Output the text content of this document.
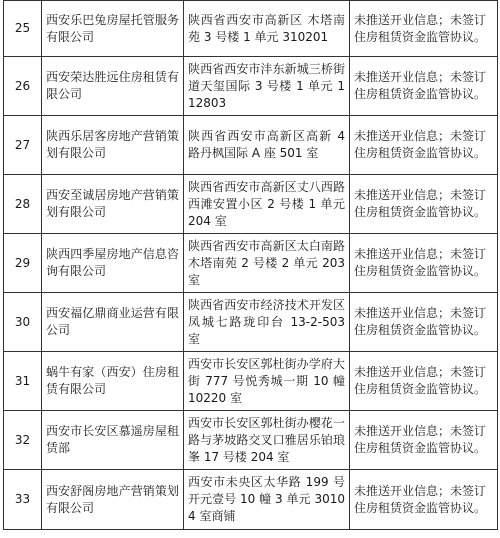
25	西安乐巴兔房屋托管服务有限公司	陕西省西安市高新区 木塔南苑 3 号楼 1 单元 310201	未推送开业信息；未签订住房租赁资金监管协议。
26	西安荣达胜远住房租赁有限公司	陕西省西安市沣东新城三桥街道天玺国际 3 号楼 1 单元 112803	未推送开业信息；未签订住房租赁资金监管协议。
27	陕西乐居客房地产营销策划有限公司	陕西省西安市高新区高新 4 路丹枫国际 A 座 501 室	未推送开业信息；未签订住房租赁资金监管协议。
28	西安至诚居房地产营销策划有限公司	陕西省西安市高新区丈八西路西滩安置小区 2 号楼 1 单元 204 室	未推送开业信息；未签订住房租赁资金监管协议。
29	陕西四季屋房地产信息咨询有限公司	陕西省西安市高新区太白南路木塔南苑 2 号楼 2 单元 203 室	未推送开业信息；未签订住房租赁资金监管协议。
30	西安福亿鼎商业运营有限公司	陕西省西安市经济技术开发区凤城七路珑印台 13-2-503 室	未推送开业信息；未签订住房租赁资金监管协议。
31	蜗牛有家（西安）住房租赁有限公司	西安市长安区郭杜街办学府大街 777 号悦秀城一期 10 幢 10220 室	未推送开业信息；未签订住房租赁资金监管协议。
32	西安市长安区慕遥房屋租赁部	西安市长安区郭杜街办樱花一路与茅坡路交叉口雅居乐铂琅峯 17 号楼 204 室	未推送开业信息；未签订住房租赁资金监管协议。
33	西安舒阁房地产营销策划有限公司	西安市未央区太华路 199 号开元壹号 10 幢 3 单元 30104 室商铺	未推送开业信息；未签订住房租赁资金监管协议。
